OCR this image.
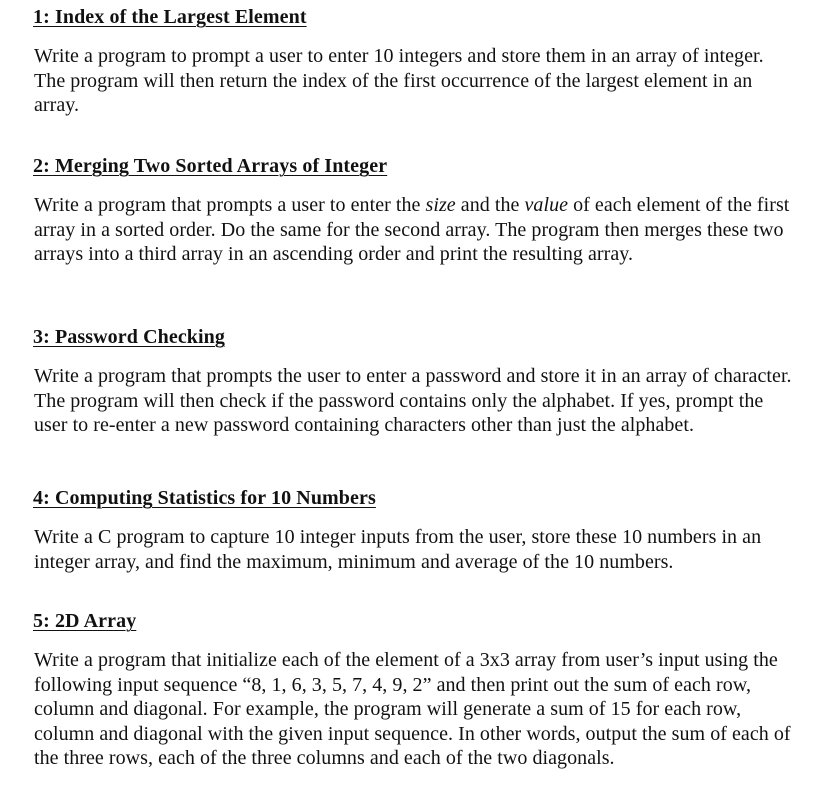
1: Index of the Largest Element
Write a program to prompt a user to enter 10 integers and store them in an array of integer. The program will then return the index of the first occurrence of the largest element in an array.
2: Merging Two Sorted Arrays of Integer
Write a program that prompts a user to enter the size and the value of each element of the first array in a sorted order. Do the same for the second array. The program then merges these two arrays into a third array in an ascending order and print the resulting array.
3: Password Checking
Write a program that prompts the user to enter a password and store it in an array of character. The program will then check if the password contains only the alphabet. If yes, prompt the user to re-enter a new password containing characters other than just the alphabet.
4: Computing Statistics for 10 Numbers
Write a C program to capture 10 integer inputs from the user, store these 10 numbers in an integer array, and find the maximum, minimum and average of the 10 numbers.
5: 2D Array
Write a program that initialize each of the element of a 3x3 array from user’s input using the following input sequence “8, 1, 6, 3, 5, 7, 4, 9, 2” and then print out the sum of each row, column and diagonal. For example, the program will generate a sum of 15 for each row, column and diagonal with the given input sequence. In other words, output the sum of each of the three rows, each of the three columns and each of the two diagonals.
